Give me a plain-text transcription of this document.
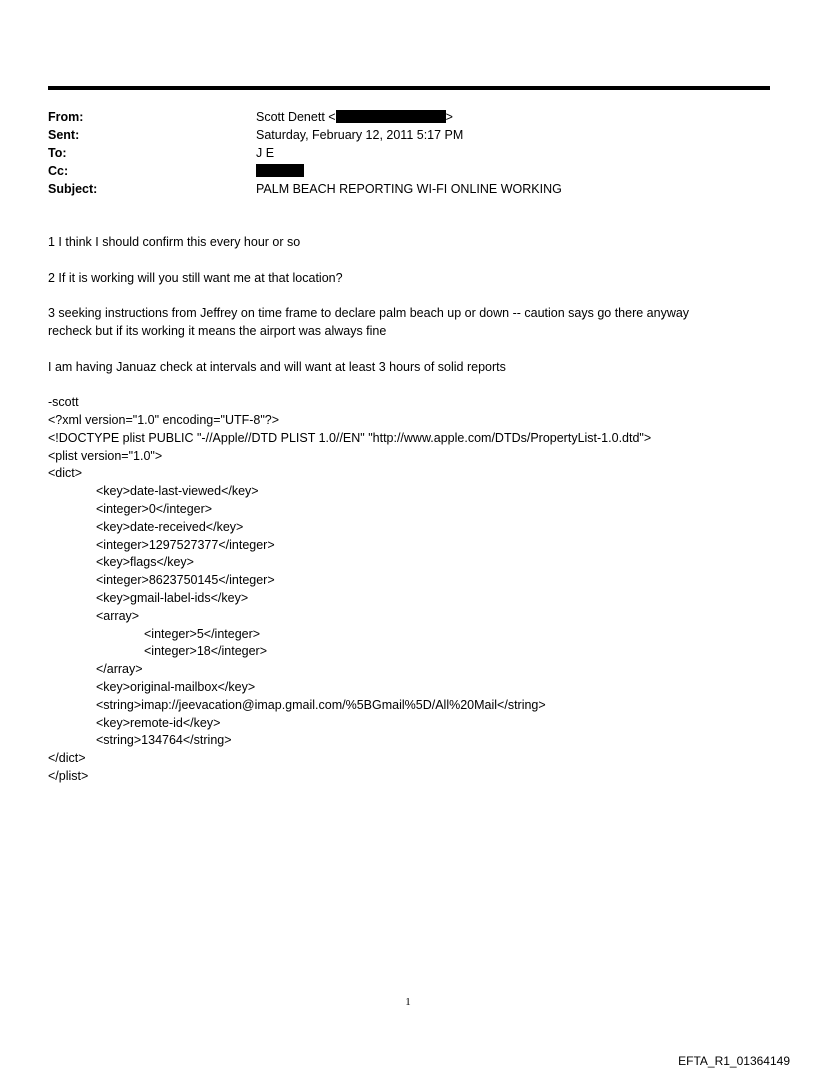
From:	Scott Denett <	>
Sent:	Saturday, February 12, 2011 5:17 PM
To:	J E
Cc:
Subject:	PALM BEACH REPORTING WI-FI ONLINE WORKING

1 I think I should confirm this every hour or so

2 If it is working will you still want me at that location?

3 seeking instructions from Jeffrey on time frame to declare palm beach up or down -- caution says go there anyway

recheck but if its working it means the airport was always fine

I am having Januaz check at intervals and will want at least 3 hours of solid reports

-scott

<?xml version="1.0" encoding="UTF-8"?>
<!DOCTYPE plist PUBLIC "-//Apple//DTD PLIST 1.0//EN" "http://www.apple.com/DTDs/PropertyList-1.0.dtd">
<plist version="1.0">
<dict>
<key>date-last-viewed</key>
<integer>0</integer>
<key>date-received</key>
<integer>1297527377</integer>
<key>flags</key>
<integer>8623750145</integer>
<key>gmail-label-ids</key>
<array>
<integer>5</integer>
<integer>18</integer>
</array>
<key>original-mailbox</key>
<string>imap://jeevacation@imap.gmail.com/%5BGmail%5D/All%20Mail</string>
<key>remote-id</key>
<string>134764</string>
</dict>
</plist>
1
EFTA_R1_01364149
